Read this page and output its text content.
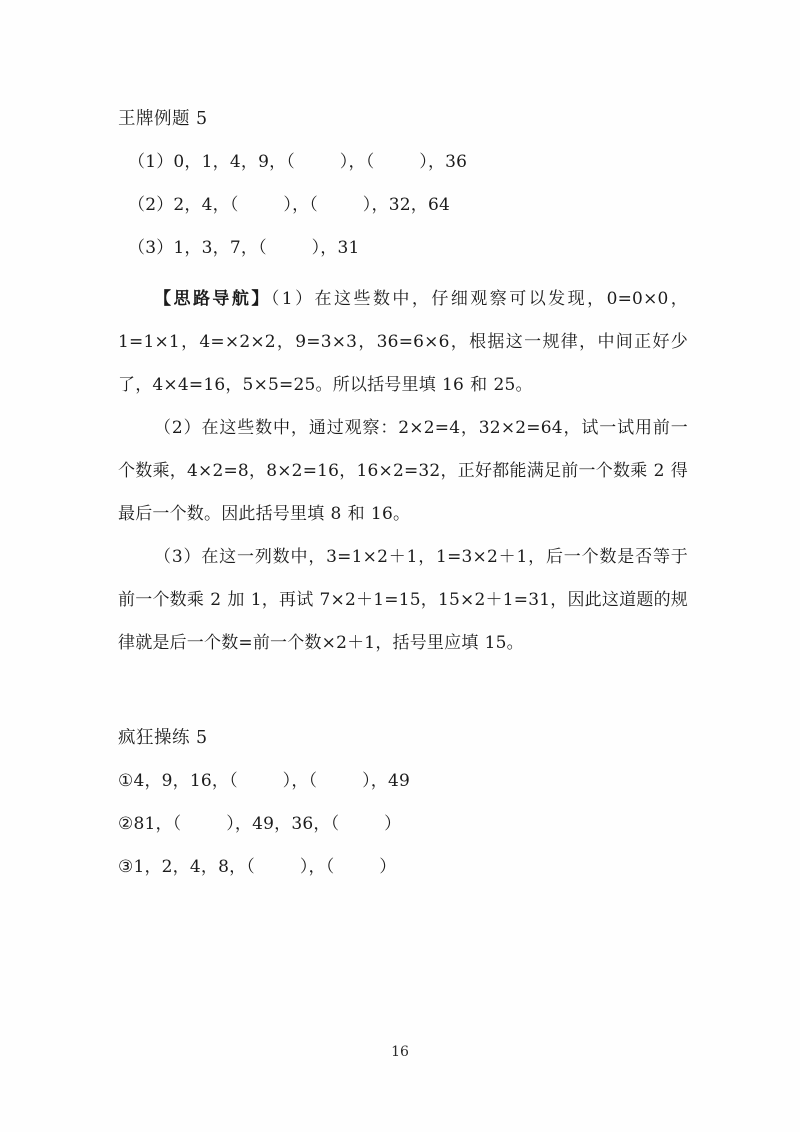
王牌例题 5
（1）0，1，4，9，（        ），（        ），36
（2）2，4，（        ），（        ），32，64
（3）1，3，7，（        ），31

【思路导航】（1）在这些数中，仔细观察可以发现，0=0×0，1=1×1，4=×2×2，9=3×3，36=6×6，根据这一规律，中间正好少了，4×4=16，5×5=25。所以括号里填 16 和 25。

（2）在这些数中，通过观察：2×2=4，32×2=64，试一试用前一个数乘，4×2=8，8×2=16，16×2=32，正好都能满足前一个数乘 2 得最后一个数。因此括号里填 8 和 16。

（3）在这一列数中，3=1×2＋1，1=3×2＋1，后一个数是否等于前一个数乘 2 加 1，再试 7×2＋1=15，15×2＋1=31，因此这道题的规律就是后一个数=前一个数×2＋1，括号里应填 15。

疯狂操练 5
①4，9，16，（        ），（        ），49
②81，（        ），49，36，（        ）
③1，2，4，8，（        ），（        ）
16
